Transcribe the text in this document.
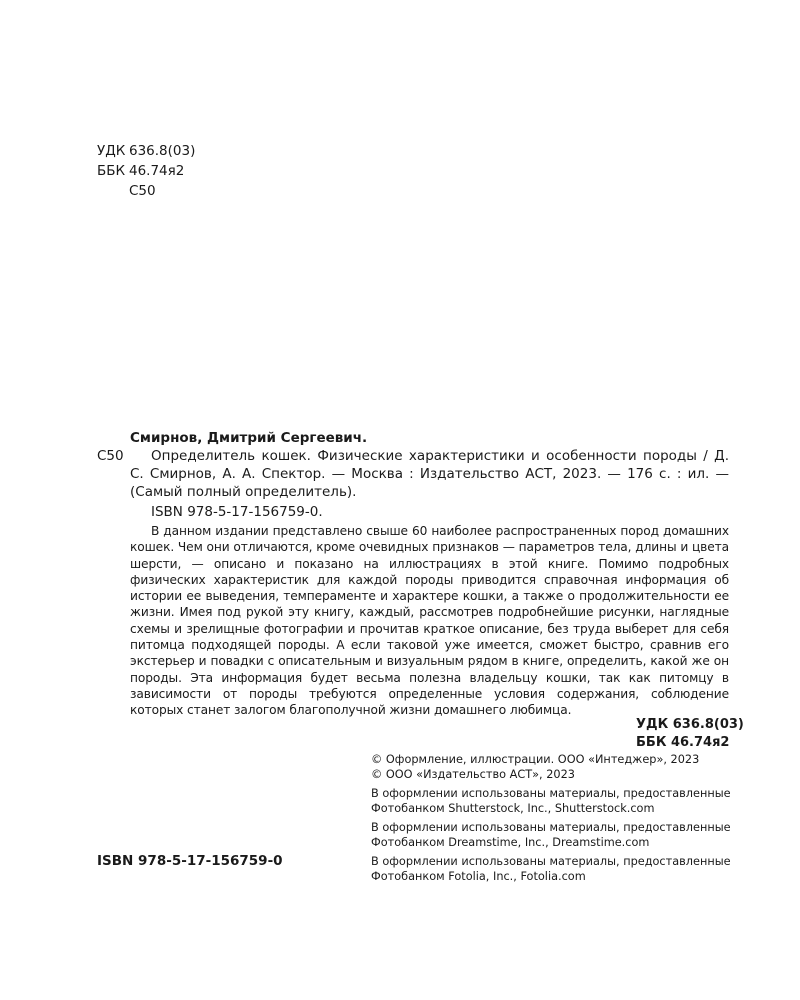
УДК 636.8(03)
ББК 46.74я2
С50
Смирнов, Дмитрий Сергеевич.
С50	Определитель кошек. Физические характеристики и особенности породы / Д. С. Смирнов, А. А. Спектор. — Москва : Издательство АСТ, 2023. — 176 с. : ил. — (Самый полный определитель).
ISBN 978-5-17-156759-0.
В данном издании представлено свыше 60 наиболее распространенных пород домашних кошек. Чем они отличаются, кроме очевидных признаков — параметров тела, длины и цвета шерсти, — описано и показано на иллюстрациях в этой книге. Помимо подробных физических характеристик для каждой породы приводится справочная информация об истории ее выведения, темпераменте и характере кошки, а также о продолжительности ее жизни. Имея под рукой эту книгу, каждый, рассмотрев подробнейшие рисунки, наглядные схемы и зрелищные фотографии и прочитав краткое описание, без труда выберет для себя питомца подходящей породы. А если таковой уже имеется, сможет быстро, сравнив его экстерьер и повадки с описательным и визуальным рядом в книге, определить, какой же он породы. Эта информация будет весьма полезна владельцу кошки, так как питомцу в зависимости от породы требуются определенные условия содержания, соблюдение которых станет залогом благополучной жизни домашнего любимца.
УДК 636.8(03)
ББК 46.74я2

© Оформление, иллюстрации. ООО «Интеджер», 2023
© ООО «Издательство АСТ», 2023

В оформлении использованы материалы, предоставленные Фотобанком Shutterstock, Inc., Shutterstock.com

В оформлении использованы материалы, предоставленные Фотобанком Dreamstime, Inc., Dreamstime.com

В оформлении использованы материалы, предоставленные Фотобанком Fotolia, Inc., Fotolia.com

ISBN 978-5-17-156759-0
